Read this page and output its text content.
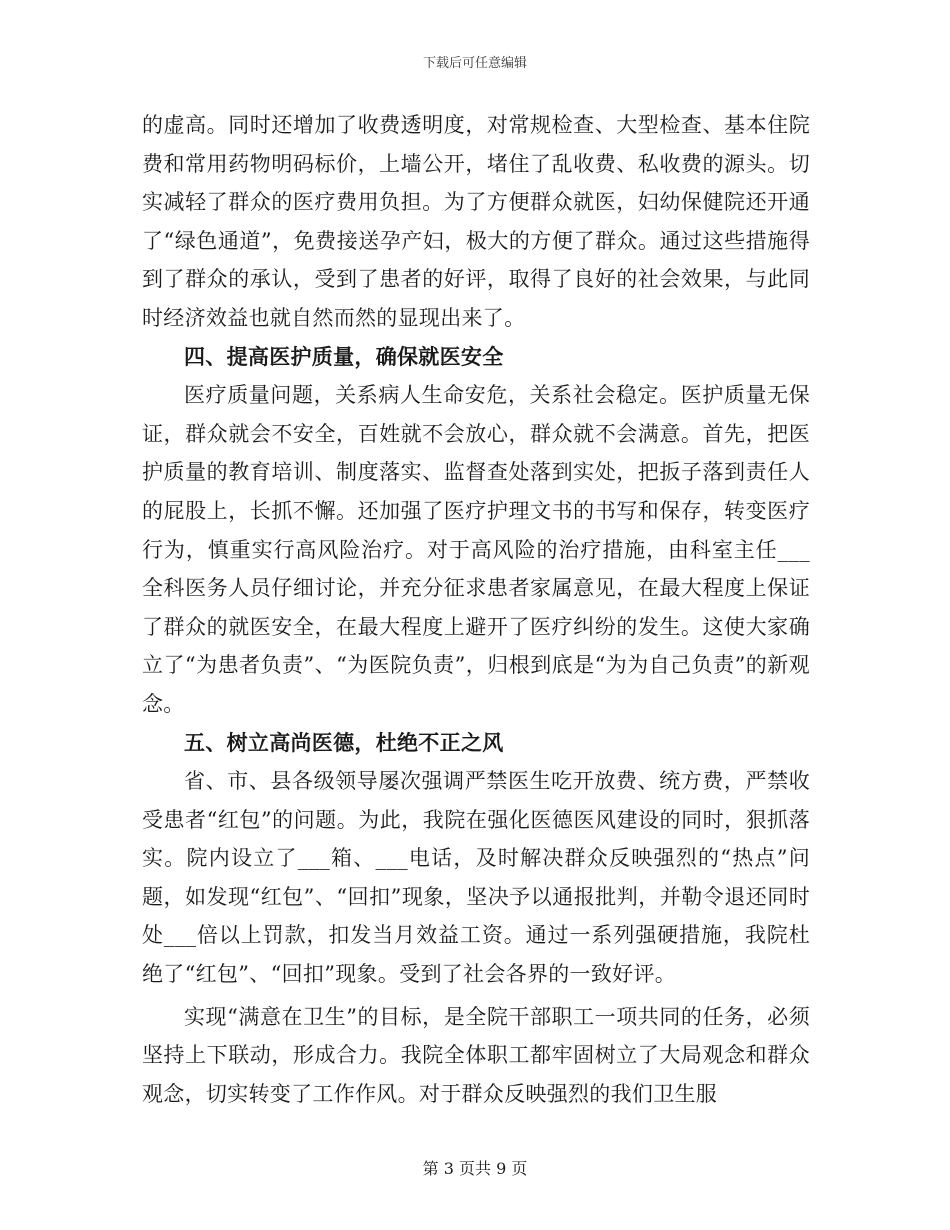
下载后可任意编辑

的虚高。同时还增加了收费透明度，对常规检查、大型检查、基本住院费和常用药物明码标价，上墙公开，堵住了乱收费、私收费的源头。切实减轻了群众的医疗费用负担。为了方便群众就医，妇幼保健院还开通了“绿色通道”，免费接送孕产妇，极大的方便了群众。通过这些措施得到了群众的承认，受到了患者的好评，取得了良好的社会效果，与此同时经济效益也就自然而然的显现出来了。

四、提高医护质量，确保就医安全

医疗质量问题，关系病人生命安危，关系社会稳定。医护质量无保证，群众就会不安全，百姓就不会放心，群众就不会满意。首先，把医护质量的教育培训、制度落实、监督查处落到实处，把扳子落到责任人的屁股上，长抓不懈。还加强了医疗护理文书的书写和保存，转变医疗行为，慎重实行高风险治疗。对于高风险的治疗措施，由科室主任___全科医务人员仔细讨论，并充分征求患者家属意见，在最大程度上保证了群众的就医安全，在最大程度上避开了医疗纠纷的发生。这使大家确立了“为患者负责”、“为医院负责”，归根到底是“为为自己负责”的新观念。

五、树立高尚医德，杜绝不正之风

省、市、县各级领导屡次强调严禁医生吃开放费、统方费，严禁收受患者“红包”的问题。为此，我院在强化医德医风建设的同时，狠抓落实。院内设立了___箱、___电话，及时解决群众反映强烈的“热点”问题，如发现“红包”、“回扣”现象，坚决予以通报批判，并勒令退还同时处___倍以上罚款，扣发当月效益工资。通过一系列强硬措施，我院杜绝了“红包”、“回扣”现象。受到了社会各界的一致好评。

实现“满意在卫生”的目标，是全院干部职工一项共同的任务，必须坚持上下联动，形成合力。我院全体职工都牢固树立了大局观念和群众观念，切实转变了工作作风。对于群众反映强烈的我们卫生服

第 3 页共 9 页
